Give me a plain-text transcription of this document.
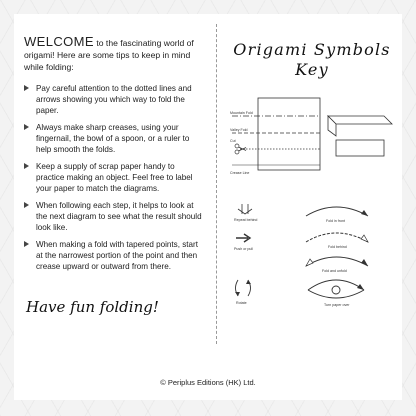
WELCOME to the fascinating world of origami! Here are some tips to keep in mind while folding:

Pay careful attention to the dotted lines and arrows showing you which way to fold the paper.
Always make sharp creases, using your fingernail, the bowl of a spoon, or a ruler to help smooth the folds.
Keep a supply of scrap paper handy to practice making an object. Feel free to label your paper to match the diagrams.
When following each step, it helps to look at the next diagram to see what the result should look like.
When making a fold with tapered points, start at the narrowest portion of the point and then crease upward or outward from there.
Have fun folding!
Origami Symbols
Key
Mountain Fold
Valley Fold
Cut
Crease Line
Repeat behind	Fold in front
Push or pull	Fold behind
Fold and unfold
Rotate	Turn paper over
© Periplus Editions (HK) Ltd.
